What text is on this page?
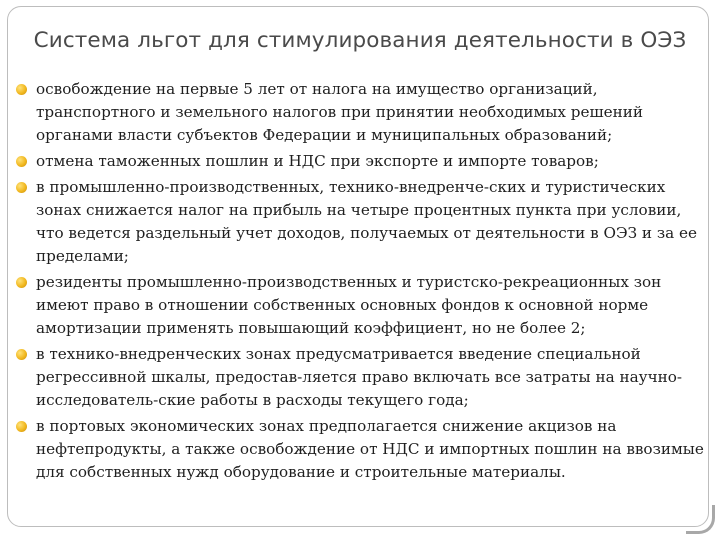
Система льгот для стимулирования деятельности в ОЭЗ
освобождение на первые 5 лет от налога на имущество организаций, транспортного и земельного налогов при принятии необходимых решений органами власти субъектов Федерации и муниципальных образований;
отмена таможенных пошлин и НДС при экспорте и импорте товаров;
в промышленно-производственных, технико-внедренче-ских и туристических зонах снижается налог на прибыль на четыре процентных пункта при условии, что ведется раздельный учет доходов, получаемых от деятельности в ОЭЗ и за ее пределами;
резиденты промышленно-производственных и туристско-рекреационных зон имеют право в отношении собственных основных фондов к основной норме амортизации применять повышающий коэффициент, но не более 2;
в технико-внедренческих зонах предусматривается введение специальной регрессивной шкалы, предостав-ляется право включать все затраты на научно-исследователь-ские работы в расходы текущего года;
в портовых экономических зонах предполагается снижение акцизов на нефтепродукты, а также освобождение от НДС и импортных пошлин на ввозимые для собственных нужд оборудование и строительные материалы.
